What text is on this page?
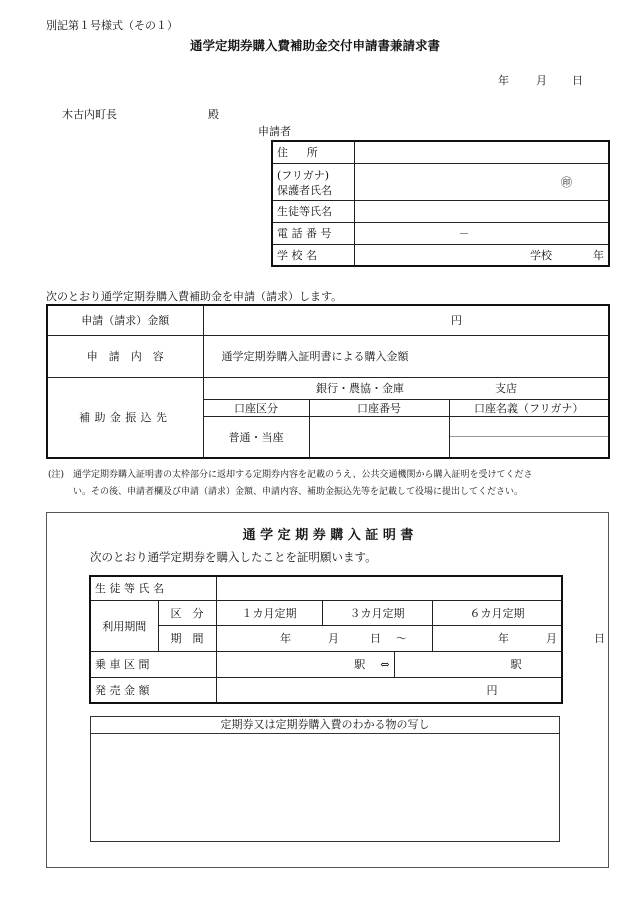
別記第１号様式（その１）
通学定期券購入費補助金交付申請書兼請求書
年 月 日
木古内町長	殿
申請者
住　所	

(フリガナ)
保護者氏名	㊞
生徒等氏名	
電 話 番 号	－
学 校 名	学校 年
次のとおり通学定期券購入費補助金を申請（請求）します。
申請（請求）金額	円		
申　請　内　容	通学定期券購入証明書による購入金額		
補助金振込先	銀行・農協・金庫 支店		
	口座区分	口座番号	口座名義（フリガナ）
	普通・当座		
(注) 通学定期券購入証明書の太枠部分に返却する定期券内容を記載のうえ、公共交通機関から購入証明を受けてくださ
い。その後、申請者欄及び申請（請求）金額、申請内容、補助金振込先等を記載して役場に提出してください。
通 学 定 期 券 購 入 証 明 書
次のとおり通学定期券を購入したことを証明願います。
生 徒 等 氏 名					
利用期間	区　分	１カ月定期	３カ月定期		６カ月定期
	期　間	年 月 日 ～			年 月 日
乗 車 区 間		駅 ⇔		駅	
発 売 金 額		円			
定期券又は定期券購入費のわかる物の写し
